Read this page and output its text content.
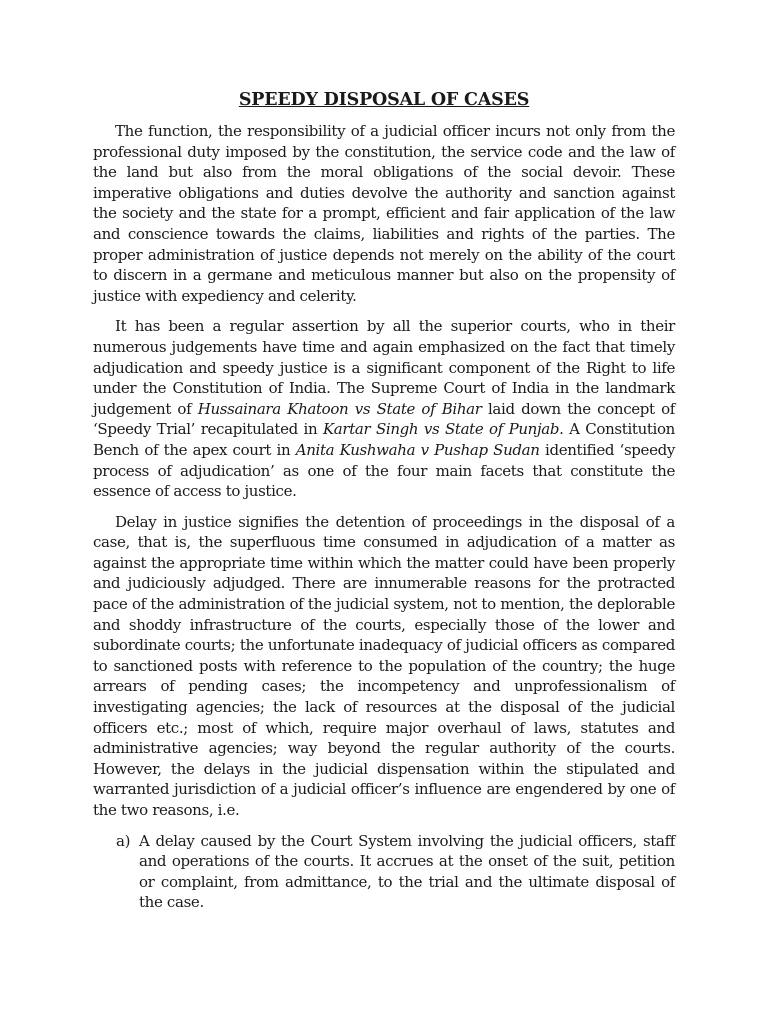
SPEEDY DISPOSAL OF CASES

The function, the responsibility of a judicial officer incurs not only from the professional duty imposed by the constitution, the service code and the law of the land but also from the moral obligations of the social devoir. These imperative obligations and duties devolve the authority and sanction against the society and the state for a prompt, efficient and fair application of the law and conscience towards the claims, liabilities and rights of the parties. The proper administration of justice depends not merely on the ability of the court to discern in a germane and meticulous manner but also on the propensity of justice with expediency and celerity.

It has been a regular assertion by all the superior courts, who in their numerous judgements have time and again emphasized on the fact that timely adjudication and speedy justice is a significant component of the Right to life under the Constitution of India. The Supreme Court of India in the landmark judgement of Hussainara Khatoon vs State of Bihar laid down the concept of ‘Speedy Trial’ recapitulated in Kartar Singh vs State of Punjab. A Constitution Bench of the apex court in Anita Kushwaha v Pushap Sudan identified ‘speedy process of adjudication’ as one of the four main facets that constitute the essence of access to justice.

Delay in justice signifies the detention of proceedings in the disposal of a case, that is, the superfluous time consumed in adjudication of a matter as against the appropriate time within which the matter could have been properly and judiciously adjudged. There are innumerable reasons for the protracted pace of the administration of the judicial system, not to mention, the deplorable and shoddy infrastructure of the courts, especially those of the lower and subordinate courts; the unfortunate inadequacy of judicial officers as compared to sanctioned posts with reference to the population of the country; the huge arrears of pending cases; the incompetency and unprofessionalism of investigating agencies; the lack of resources at the disposal of the judicial officers etc.; most of which, require major overhaul of laws, statutes and administrative agencies; way beyond the regular authority of the courts. However, the delays in the judicial dispensation within the stipulated and warranted jurisdiction of a judicial officer’s influence are engendered by one of the two reasons, i.e.

a) A delay caused by the Court System involving the judicial officers, staff and operations of the courts. It accrues at the onset of the suit, petition or complaint, from admittance, to the trial and the ultimate disposal of the case.
